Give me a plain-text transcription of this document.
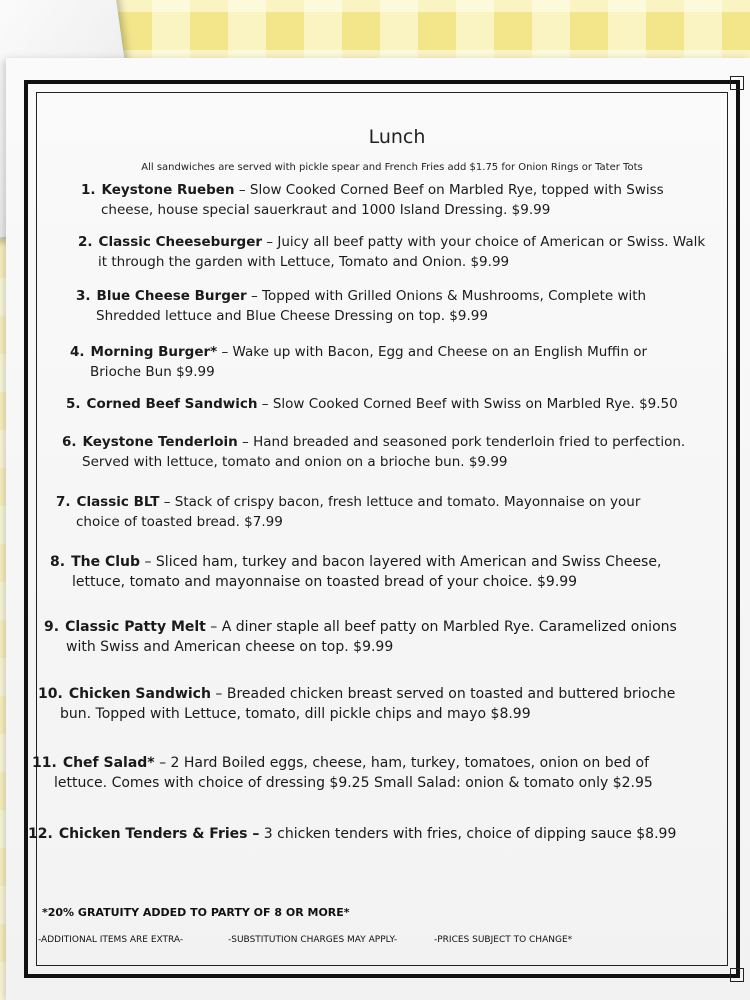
Lunch
All sandwiches are served with pickle spear and French Fries add $1.75 for Onion Rings or Tater Tots
1. Keystone Rueben – Slow Cooked Corned Beef on Marbled Rye, topped with Swiss
cheese, house special sauerkraut and 1000 Island Dressing. $9.99
2. Classic Cheeseburger – Juicy all beef patty with your choice of American or Swiss. Walk
it through the garden with Lettuce, Tomato and Onion. $9.99
3. Blue Cheese Burger – Topped with Grilled Onions & Mushrooms, Complete with
Shredded lettuce and Blue Cheese Dressing on top. $9.99
4. Morning Burger* – Wake up with Bacon, Egg and Cheese on an English Muffin or
Brioche Bun $9.99
5. Corned Beef Sandwich – Slow Cooked Corned Beef with Swiss on Marbled Rye. $9.50
6. Keystone Tenderloin – Hand breaded and seasoned pork tenderloin fried to perfection.
Served with lettuce, tomato and onion on a brioche bun. $9.99
7. Classic BLT – Stack of crispy bacon, fresh lettuce and tomato. Mayonnaise on your
choice of toasted bread. $7.99
8. The Club – Sliced ham, turkey and bacon layered with American and Swiss Cheese,
lettuce, tomato and mayonnaise on toasted bread of your choice. $9.99
9. Classic Patty Melt – A diner staple all beef patty on Marbled Rye. Caramelized onions
with Swiss and American cheese on top. $9.99
10. Chicken Sandwich – Breaded chicken breast served on toasted and buttered brioche
bun. Topped with Lettuce, tomato, dill pickle chips and mayo $8.99
11. Chef Salad* – 2 Hard Boiled eggs, cheese, ham, turkey, tomatoes, onion on bed of
lettuce. Comes with choice of dressing $9.25 Small Salad: onion & tomato only $2.95
12. Chicken Tenders & Fries – 3 chicken tenders with fries, choice of dipping sauce $8.99
*20% GRATUITY ADDED TO PARTY OF 8 OR MORE*
-ADDITIONAL ITEMS ARE EXTRA-	-SUBSTITUTION CHARGES MAY APPLY-	-PRICES SUBJECT TO CHANGE*
